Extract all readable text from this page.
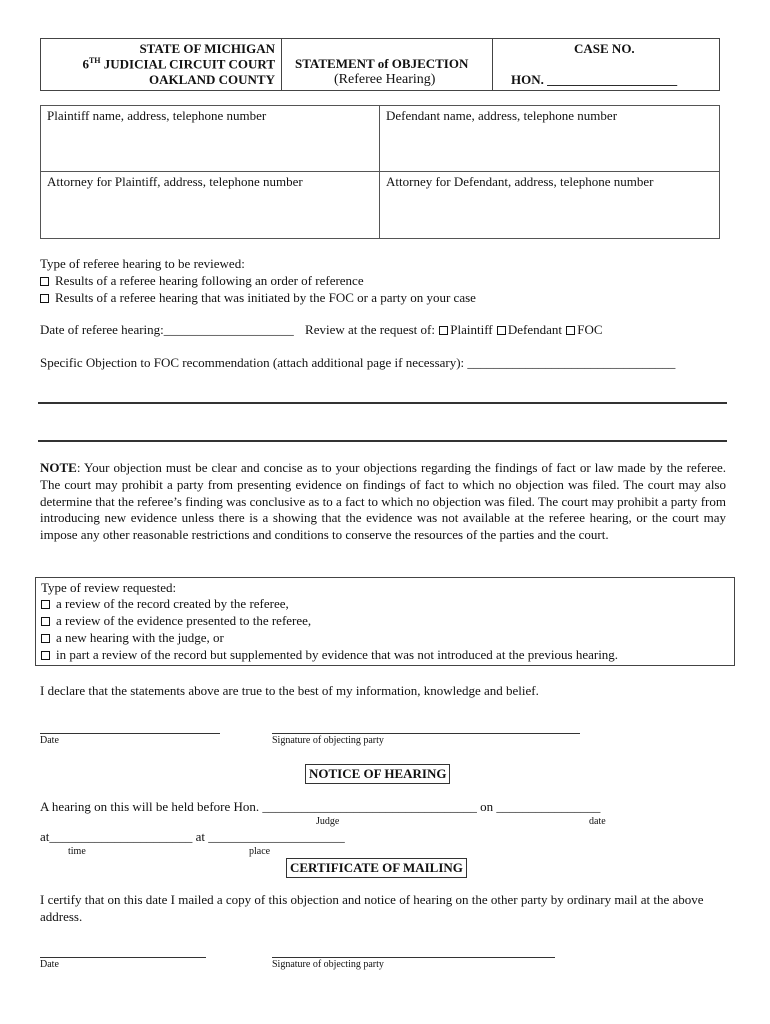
STATE OF MICHIGAN
6TH JUDICIAL CIRCUIT COURT
OAKLAND COUNTY
STATEMENT of OBJECTION
(Referee Hearing)
CASE NO.
HON. ____________________
Plaintiff name, address, telephone number	Defendant name, address, telephone number
Attorney for Plaintiff, address, telephone number	Attorney for Defendant, address, telephone number
Type of referee hearing to be reviewed:
Results of a referee hearing following an order of reference
Results of a referee hearing that was initiated by the FOC or a party on your case
Date of referee hearing:____________________ Review at the request of: Plaintiff Defendant FOC
Specific Objection to FOC recommendation (attach additional page if necessary): ________________________________
NOTE: Your objection must be clear and concise as to your objections regarding the findings of fact or law made by the referee. The court may prohibit a party from presenting evidence on findings of fact to which no objection was filed. The court may also determine that the referee’s finding was conclusive as to a fact to which no objection was filed. The court may prohibit a party from introducing new evidence unless there is a showing that the evidence was not available at the referee hearing, or the court may impose any other reasonable restrictions and conditions to conserve the resources of the parties and the court.
Type of review requested:
a review of the record created by the referee,
a review of the evidence presented to the referee,
a new hearing with the judge, or
in part a review of the record but supplemented by evidence that was not introduced at the previous hearing.
I declare that the statements above are true to the best of my information, knowledge and belief.
Date	Signature of objecting party
NOTICE OF HEARING
A hearing on this will be held before Hon. _________________________________ on ________________
Judge	date
at______________________ at _____________________
time	place
CERTIFICATE OF MAILING
I certify that on this date I mailed a copy of this objection and notice of hearing on the other party by ordinary mail at the above address.
Date	Signature of objecting party
